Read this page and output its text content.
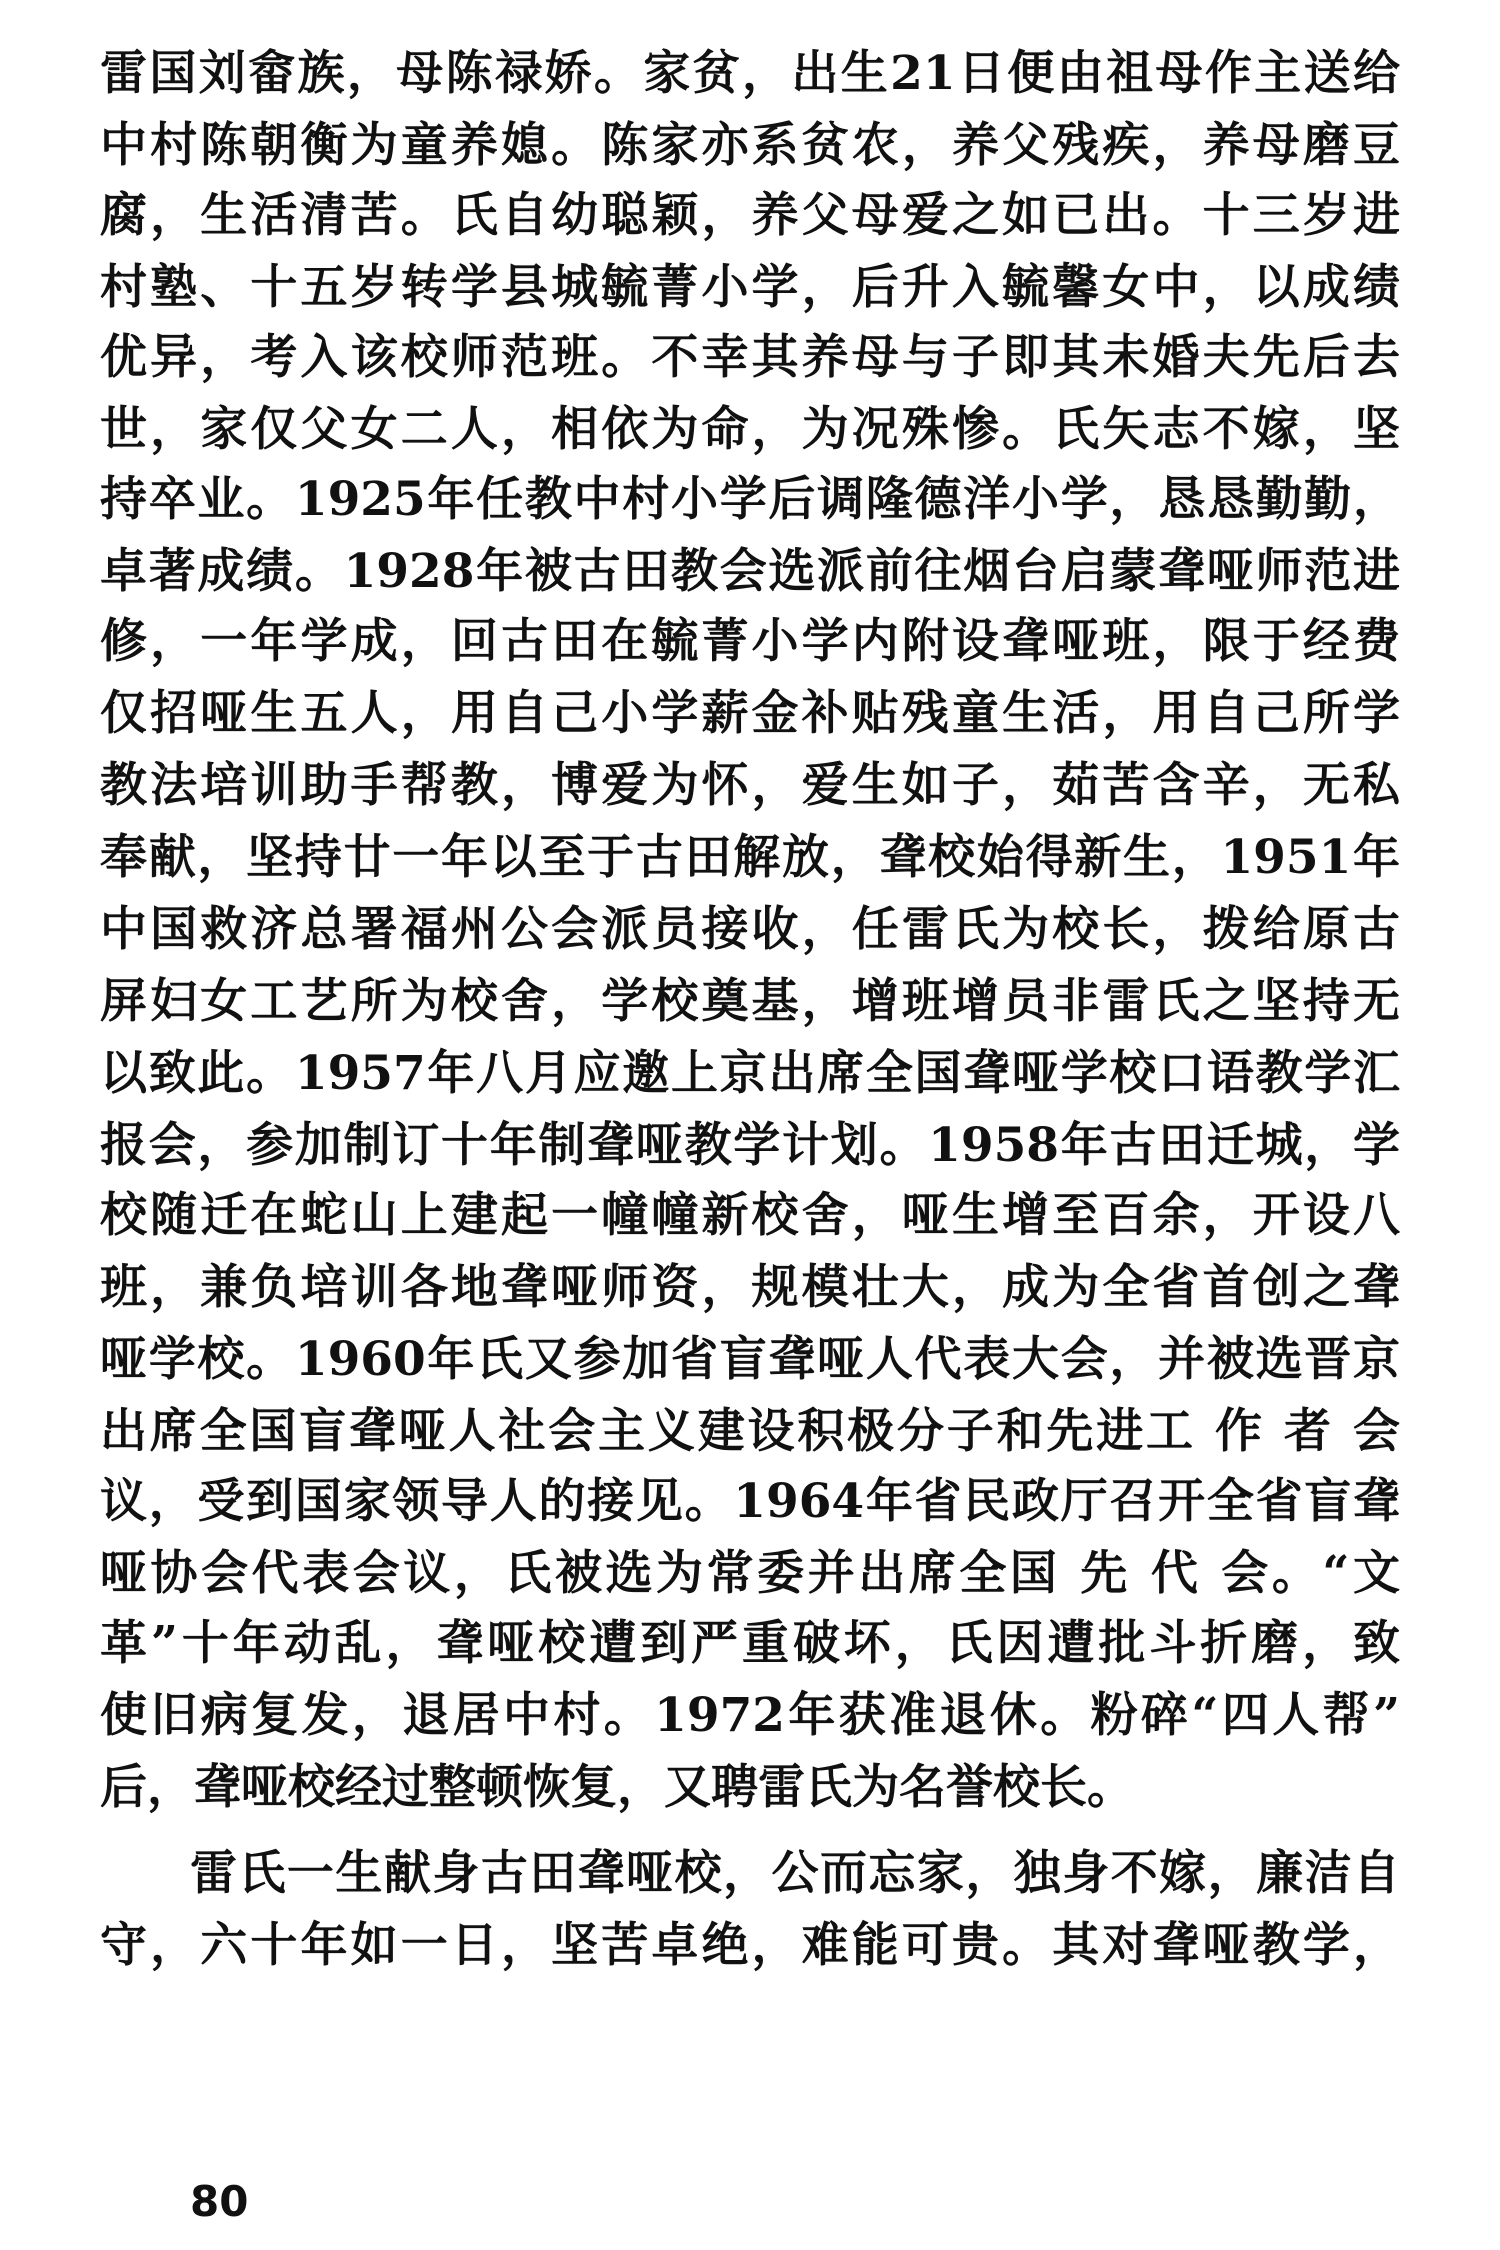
雷国刘畲族，母陈禄娇。家贫，出生21日便由祖母作主送给
中村陈朝衡为童养媳。陈家亦系贫农，养父残疾，养母磨豆
腐，生活清苦。氏自幼聪颖，养父母爱之如已出。十三岁进
村塾、十五岁转学县城毓菁小学，后升入毓馨女中，以成绩
优异，考入该校师范班。不幸其养母与子即其未婚夫先后去
世，家仅父女二人，相依为命，为况殊惨。氏矢志不嫁，坚
持卒业。1925年任教中村小学后调隆德洋小学，恳恳勤勤，
卓著成绩。1928年被古田教会选派前往烟台启蒙聋哑师范进
修，一年学成，回古田在毓菁小学内附设聋哑班，限于经费
仅招哑生五人，用自己小学薪金补贴残童生活，用自己所学
教法培训助手帮教，博爱为怀，爱生如子，茹苦含辛，无私
奉献，坚持廿一年以至于古田解放，聋校始得新生，1951年
中国救济总署福州公会派员接收，任雷氏为校长，拨给原古
屏妇女工艺所为校舍，学校奠基，增班增员非雷氏之坚持无
以致此。1957年八月应邀上京出席全国聋哑学校口语教学汇
报会，参加制订十年制聋哑教学计划。1958年古田迁城，学
校随迁在蛇山上建起一幢幢新校舍，哑生增至百余，开设八
班，兼负培训各地聋哑师资，规模壮大，成为全省首创之聋
哑学校。1960年氏又参加省盲聋哑人代表大会，并被选晋京
出席全国盲聋哑人社会主义建设积极分子和先进工 作 者 会
议，受到国家领导人的接见。1964年省民政厅召开全省盲聋
哑协会代表会议，氏被选为常委并出席全国 先 代 会。“文
革”十年动乱，聋哑校遭到严重破坏，氏因遭批斗折磨，致
使旧病复发，退居中村。1972年获准退休。粉碎“四人帮”
后，聋哑校经过整顿恢复，又聘雷氏为名誉校长。
雷氏一生献身古田聋哑校，公而忘家，独身不嫁，廉洁自
守，六十年如一日，坚苦卓绝，难能可贵。其对聋哑教学，
80
